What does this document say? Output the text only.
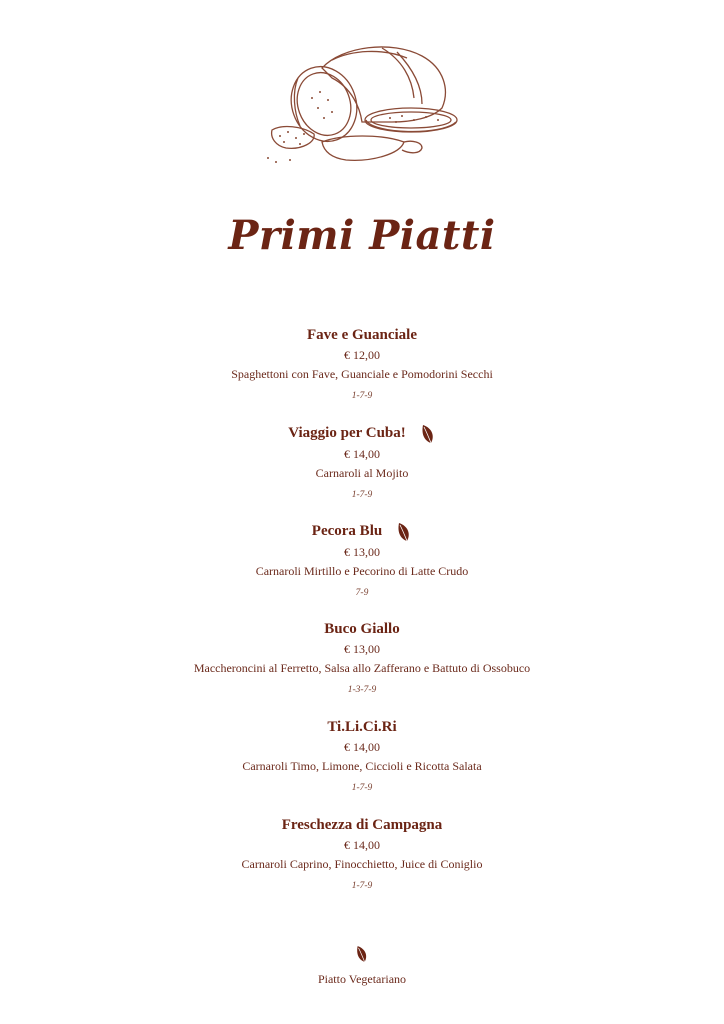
Primi Piatti
Fave e Guanciale
€ 12,00
Spaghettoni con Fave, Guanciale e Pomodorini Secchi
1-7-9
Viaggio per Cuba!
€ 14,00
Carnaroli al Mojito
1-7-9
Pecora Blu
€ 13,00
Carnaroli Mirtillo e Pecorino di Latte Crudo
7-9
Buco Giallo
€ 13,00
Maccheroncini al Ferretto, Salsa allo Zafferano e Battuto di Ossobuco
1-3-7-9
Ti.Li.Ci.Ri
€ 14,00
Carnaroli Timo, Limone, Ciccioli e Ricotta Salata
1-7-9
Freschezza di Campagna
€ 14,00
Carnaroli Caprino, Finocchietto, Juice di Coniglio
1-7-9
Piatto Vegetariano
